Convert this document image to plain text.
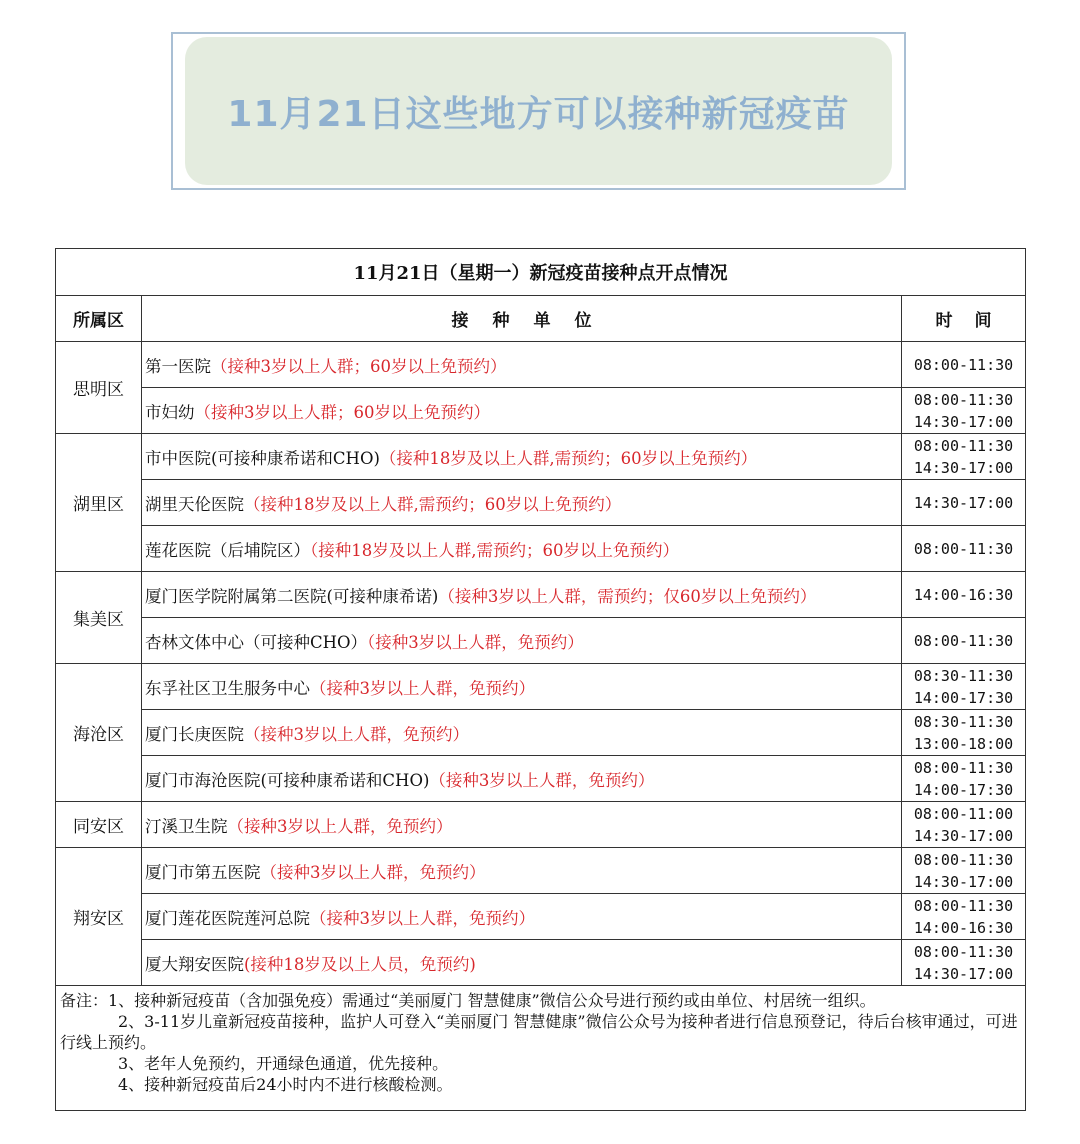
11月21日这些地方可以接种新冠疫苗
11月21日（星期一）新冠疫苗接种点开点情况		
所属区	接种单位	时间
思明区	第一医院（接种3岁以上人群；60岁以上免预约）	08:00-11:30

	市妇幼（接种3岁以上人群；60岁以上免预约）	08:00-11:30
14:30-17:00

湖里区	市中医院(可接种康希诺和CHO)（接种18岁及以上人群,需预约；60岁以上免预约）	08:00-11:30
14:30-17:00

	湖里天伦医院（接种18岁及以上人群,需预约；60岁以上免预约）	14:30-17:00

	莲花医院（后埔院区）（接种18岁及以上人群,需预约；60岁以上免预约）	08:00-11:30

集美区	厦门医学院附属第二医院(可接种康希诺)（接种3岁以上人群，需预约；仅60岁以上免预约）	14:00-16:30

	杏林文体中心（可接种CHO）（接种3岁以上人群，免预约）	08:00-11:30

海沧区	东孚社区卫生服务中心（接种3岁以上人群，免预约）	08:30-11:30
14:00-17:30

	厦门长庚医院（接种3岁以上人群，免预约）	08:30-11:30
13:00-18:00

	厦门市海沧医院(可接种康希诺和CHO)（接种3岁以上人群，免预约）	08:00-11:30
14:00-17:30

同安区	汀溪卫生院（接种3岁以上人群，免预约）	08:00-11:00
14:30-17:00

翔安区	厦门市第五医院（接种3岁以上人群，免预约）	08:00-11:30
14:30-17:00

	厦门莲花医院莲河总院（接种3岁以上人群，免预约）	08:00-11:30
14:00-16:30

	厦大翔安医院(接种18岁及以上人员，免预约)	08:00-11:30
14:30-17:00

备注：1、接种新冠疫苗（含加强免疫）需通过“美丽厦门 智慧健康”微信公众号进行预约或由单位、村居统一组织。

2、3-11岁儿童新冠疫苗接种，监护人可登入“美丽厦门 智慧健康”微信公众号为接种者进行信息预登记，待后台核审通过，可进行线上预约。

3、老年人免预约，开通绿色通道，优先接种。

4、接种新冠疫苗后24小时内不进行核酸检测。		
